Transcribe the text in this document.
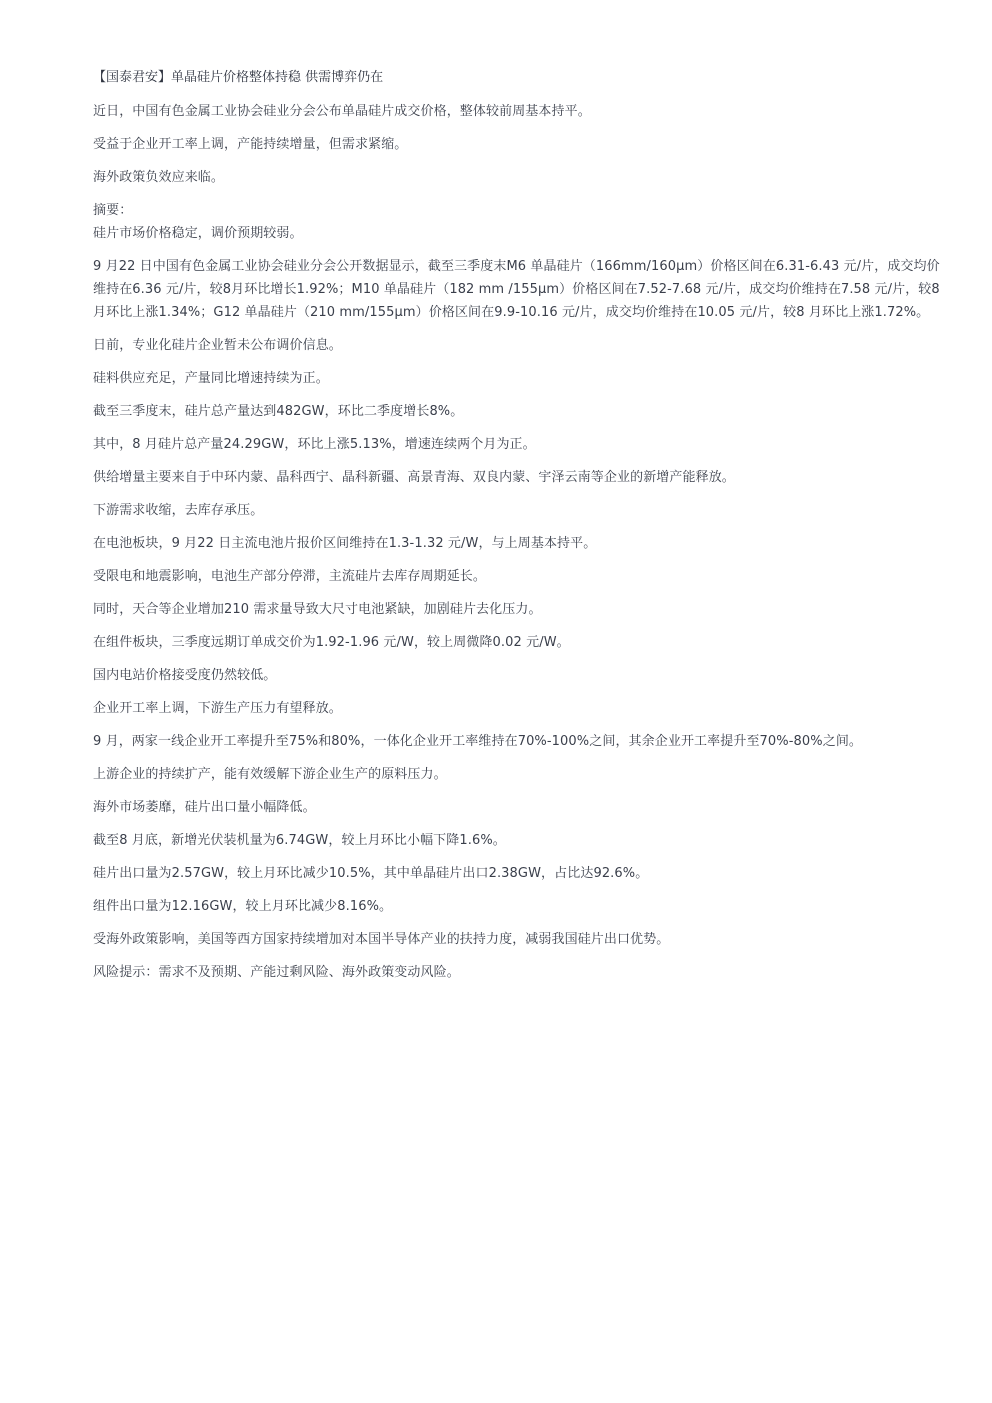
【国泰君安】单晶硅片价格整体持稳 供需博弈仍在

近日，中国有色金属工业协会硅业分会公布单晶硅片成交价格，整体较前周基本持平。

受益于企业开工率上调，产能持续增量，但需求紧缩。

海外政策负效应来临。

摘要：

硅片市场价格稳定，调价预期较弱。

9 月22 日中国有色金属工业协会硅业分会公开数据显示，截至三季度末M6 单晶硅片（166mm/160μm）价格区间在6.31-6.43 元/片，成交均价维持在6.36 元/片，较8月环比增长1.92%；M10 单晶硅片（182 mm /155μm）价格区间在7.52-7.68 元/片，成交均价维持在7.58 元/片，较8 月环比上涨1.34%；G12 单晶硅片（210 mm/155μm）价格区间在9.9-10.16 元/片，成交均价维持在10.05 元/片，较8 月环比上涨1.72%。

日前，专业化硅片企业暂未公布调价信息。

硅料供应充足，产量同比增速持续为正。

截至三季度末，硅片总产量达到482GW，环比二季度增长8%。

其中，8 月硅片总产量24.29GW，环比上涨5.13%，增速连续两个月为正。

供给增量主要来自于中环内蒙、晶科西宁、晶科新疆、高景青海、双良内蒙、宇泽云南等企业的新增产能释放。

下游需求收缩，去库存承压。

在电池板块，9 月22 日主流电池片报价区间维持在1.3-1.32 元/W，与上周基本持平。

受限电和地震影响，电池生产部分停滞，主流硅片去库存周期延长。

同时，天合等企业增加210 需求量导致大尺寸电池紧缺，加剧硅片去化压力。

在组件板块，三季度远期订单成交价为1.92-1.96 元/W，较上周微降0.02 元/W。

国内电站价格接受度仍然较低。

企业开工率上调，下游生产压力有望释放。

9 月，两家一线企业开工率提升至75%和80%，一体化企业开工率维持在70%-100%之间，其余企业开工率提升至70%-80%之间。

上游企业的持续扩产，能有效缓解下游企业生产的原料压力。

海外市场萎靡，硅片出口量小幅降低。

截至8 月底，新增光伏装机量为6.74GW，较上月环比小幅下降1.6%。

硅片出口量为2.57GW，较上月环比减少10.5%，其中单晶硅片出口2.38GW，占比达92.6%。

组件出口量为12.16GW，较上月环比减少8.16%。

受海外政策影响，美国等西方国家持续增加对本国半导体产业的扶持力度，减弱我国硅片出口优势。

风险提示：需求不及预期、产能过剩风险、海外政策变动风险。
